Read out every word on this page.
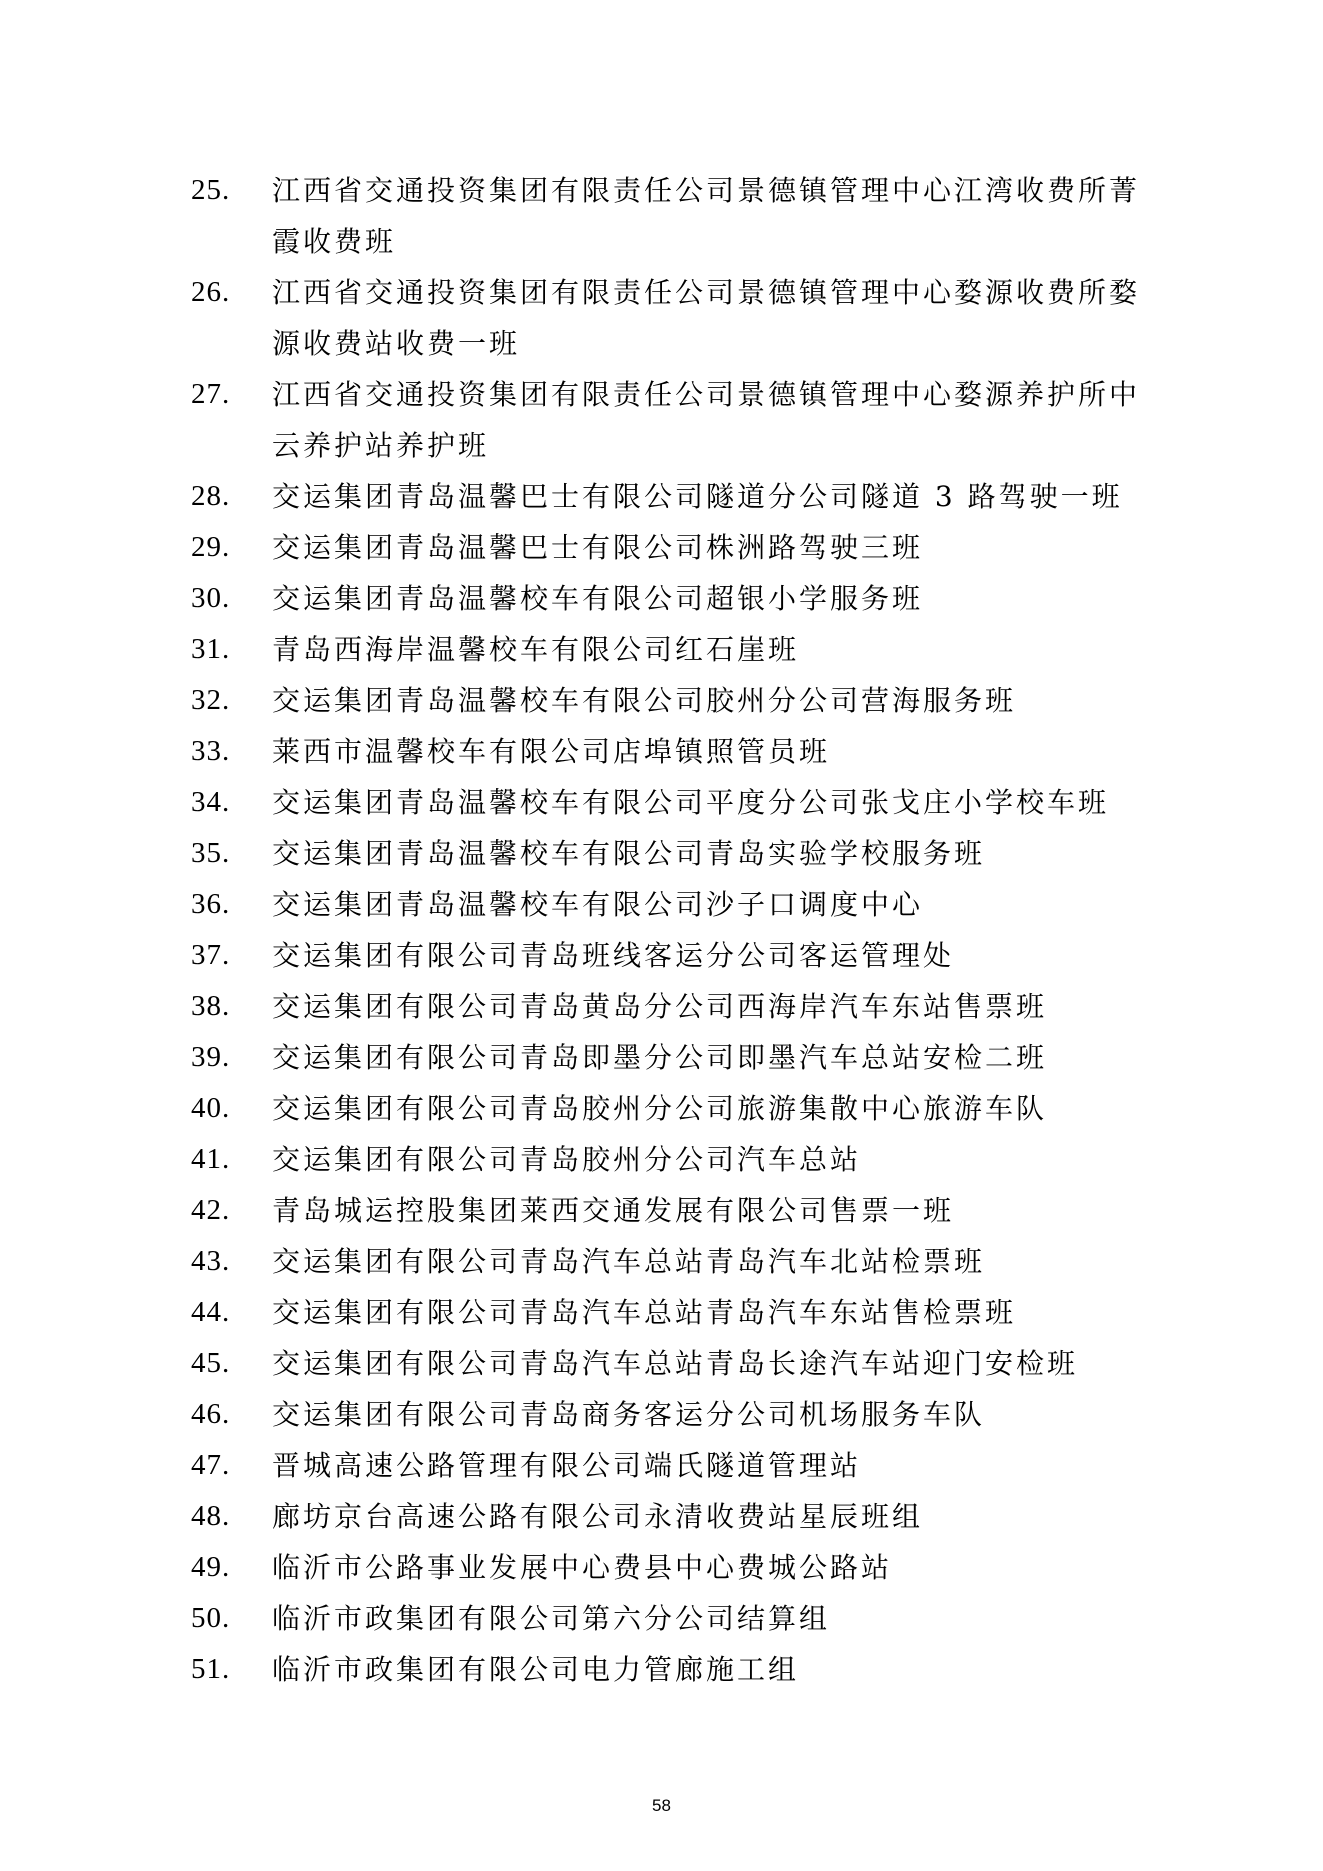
25.	江西省交通投资集团有限责任公司景德镇管理中心江湾收费所菁
霞收费班
26.	江西省交通投资集团有限责任公司景德镇管理中心婺源收费所婺
源收费站收费一班
27.	江西省交通投资集团有限责任公司景德镇管理中心婺源养护所中
云养护站养护班
28.	交运集团青岛温馨巴士有限公司隧道分公司隧道 3 路驾驶一班
29.	交运集团青岛温馨巴士有限公司株洲路驾驶三班
30.	交运集团青岛温馨校车有限公司超银小学服务班
31.	青岛西海岸温馨校车有限公司红石崖班
32.	交运集团青岛温馨校车有限公司胶州分公司营海服务班
33.	莱西市温馨校车有限公司店埠镇照管员班
34.	交运集团青岛温馨校车有限公司平度分公司张戈庄小学校车班
35.	交运集团青岛温馨校车有限公司青岛实验学校服务班
36.	交运集团青岛温馨校车有限公司沙子口调度中心
37.	交运集团有限公司青岛班线客运分公司客运管理处
38.	交运集团有限公司青岛黄岛分公司西海岸汽车东站售票班
39.	交运集团有限公司青岛即墨分公司即墨汽车总站安检二班
40.	交运集团有限公司青岛胶州分公司旅游集散中心旅游车队
41.	交运集团有限公司青岛胶州分公司汽车总站
42.	青岛城运控股集团莱西交通发展有限公司售票一班
43.	交运集团有限公司青岛汽车总站青岛汽车北站检票班
44.	交运集团有限公司青岛汽车总站青岛汽车东站售检票班
45.	交运集团有限公司青岛汽车总站青岛长途汽车站迎门安检班
46.	交运集团有限公司青岛商务客运分公司机场服务车队
47.	晋城高速公路管理有限公司端氏隧道管理站
48.	廊坊京台高速公路有限公司永清收费站星辰班组
49.	临沂市公路事业发展中心费县中心费城公路站
50.	临沂市政集团有限公司第六分公司结算组
51.	临沂市政集团有限公司电力管廊施工组
58
